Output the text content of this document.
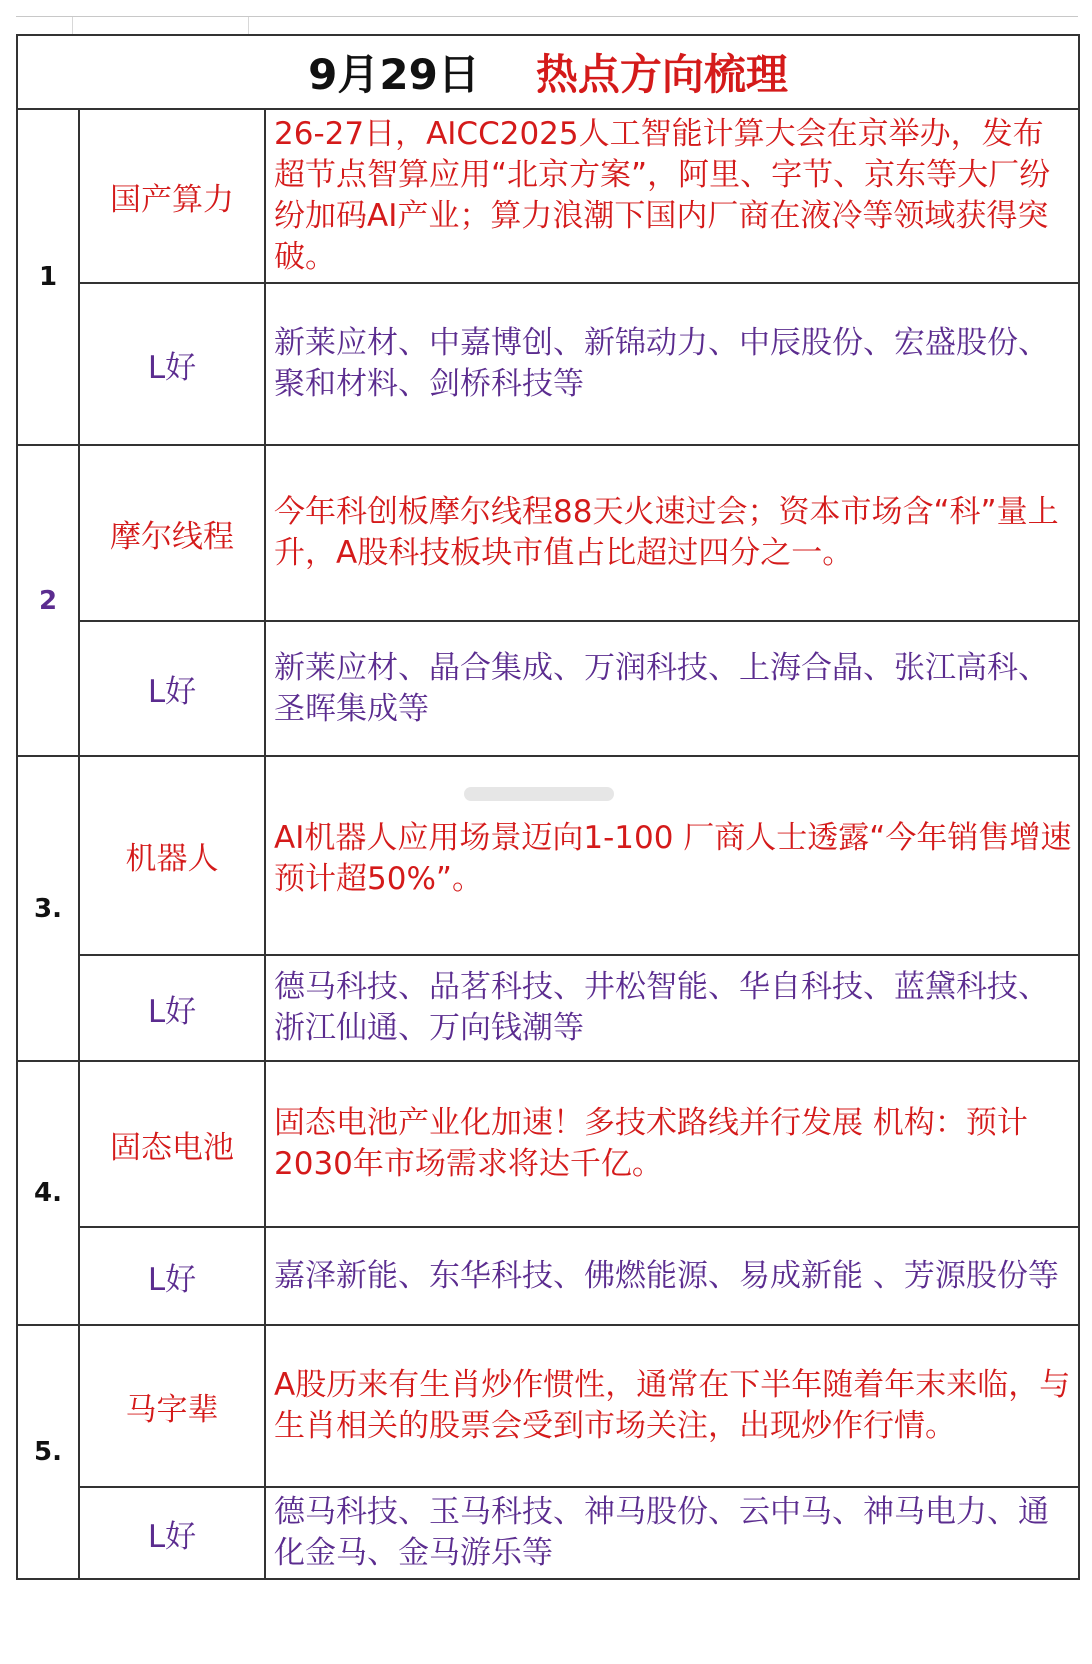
9月29日 热点方向梳理		
1	国产算力	26-27日，AICC2025人工智能计算大会在京举办，发布超节点智算应用“北京方案”，阿里、字节、京东等大厂纷纷加码AI产业；算力浪潮下国内厂商在液冷等领域获得突破。
	L好	新莱应材、中嘉博创、新锦动力、中辰股份、宏盛股份、聚和材料、剑桥科技等
2	摩尔线程	今年科创板摩尔线程88天火速过会；资本市场含“科”量上升，A股科技板块市值占比超过四分之一。
	L好	新莱应材、晶合集成、万润科技、上海合晶、张江高科、圣晖集成等
3.	机器人	AI机器人应用场景迈向1-100 厂商人士透露“今年销售增速预计超50%”。

	L好	德马科技、品茗科技、井松智能、华自科技、蓝黛科技、浙江仙通、万向钱潮等
4.	固态电池	固态电池产业化加速！多技术路线并行发展 机构：预计2030年市场需求将达千亿。
	L好	嘉泽新能、东华科技、佛燃能源、易成新能 、芳源股份等
5.	马字辈	A股历来有生肖炒作惯性，通常在下半年随着年末来临，与生肖相关的股票会受到市场关注，出现炒作行情。
	L好	德马科技、玉马科技、神马股份、云中马、神马电力、通化金马、金马游乐等
